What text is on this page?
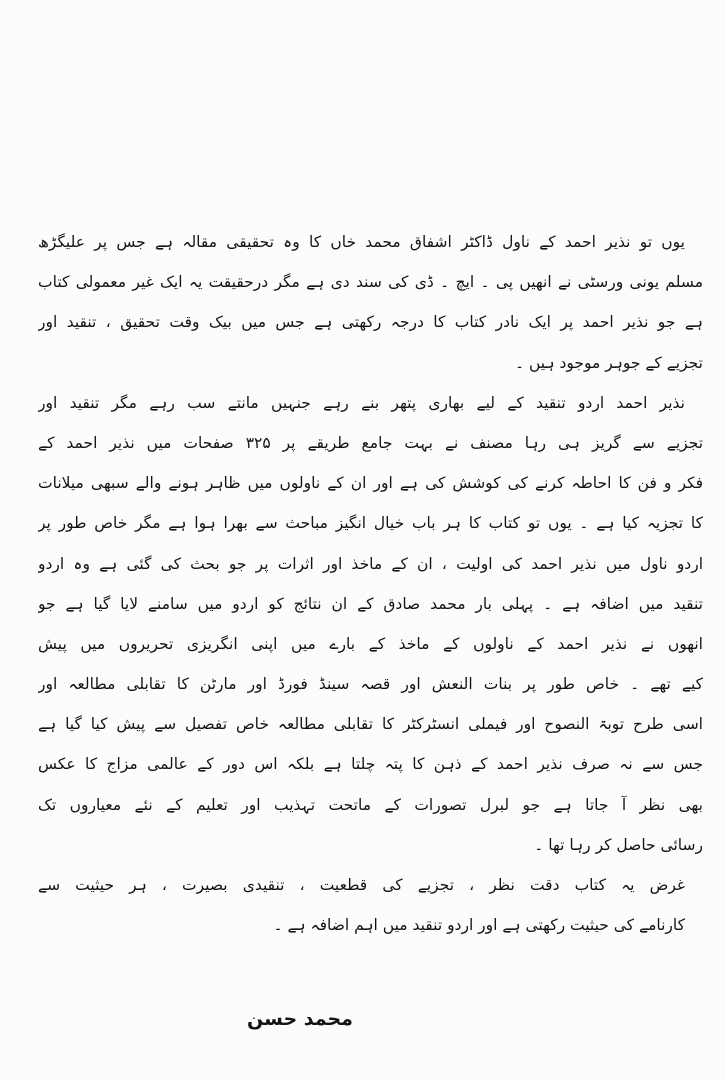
یوں تو نذیر احمد کے ناول ڈاکٹر اشفاق محمد خاں کا وہ تحقیقی مقالہ ہے جس پر علیگڑھ
مسلم یونی ورسٹی نے انھیں پی ۔ ایچ ۔ ڈی کی سند دی ہے مگر درحقیقت یہ ایک غیر معمولی کتاب
ہے جو نذیر احمد پر ایک نادر کتاب کا درجہ رکھتی ہے جس میں بیک وقت تحقیق ، تنقید اور
تجزیے کے جوہر موجود ہیں ۔
نذیر احمد اردو تنقید کے لیے بھاری پتھر بنے رہے جنہیں مانتے سب رہے مگر تنقید اور
تجزیے سے گریز ہی رہا مصنف نے بہت جامع طریقے پر ۳۲۵ صفحات میں نذیر احمد کے
فکر و فن کا احاطہ کرنے کی کوشش کی ہے اور ان کے ناولوں میں ظاہر ہونے والے سبھی میلانات
کا تجزیہ کیا ہے ۔ یوں تو کتاب کا ہر باب خیال انگیز مباحث سے بھرا ہوا ہے مگر خاص طور پر
اردو ناول میں نذیر احمد کی اولیت ، ان کے ماخذ اور اثرات پر جو بحث کی گئی ہے وہ اردو
تنقید میں اضافہ ہے ۔ پہلی بار محمد صادق کے ان نتائج کو اردو میں سامنے لایا گیا ہے جو
انھوں نے نذیر احمد کے ناولوں کے ماخذ کے بارے میں اپنی انگریزی تحریروں میں پیش
کیے تھے ۔ خاص طور پر بنات النعش اور قصہ سینڈ فورڈ اور مارٹن کا تقابلی مطالعہ اور
اسی طرح توبۃ النصوح اور فیملی انسٹرکٹر کا تقابلی مطالعہ خاص تفصیل سے پیش کیا گیا ہے
جس سے نہ صرف نذیر احمد کے ذہن کا پتہ چلتا ہے بلکہ اس دور کے عالمی مزاج کا عکس
بھی نظر آ جاتا ہے جو لبرل تصورات کے ماتحت تہذیب اور تعلیم کے نئے معیاروں تک
رسائی حاصل کر رہا تھا ۔
غرض یہ کتاب دقت نظر ، تجزیے کی قطعیت ، تنقیدی بصیرت ، ہر حیثیت سے
کارنامے کی حیثیت رکھتی ہے اور اردو تنقید میں اہم اضافہ ہے ۔
محمد حسن
